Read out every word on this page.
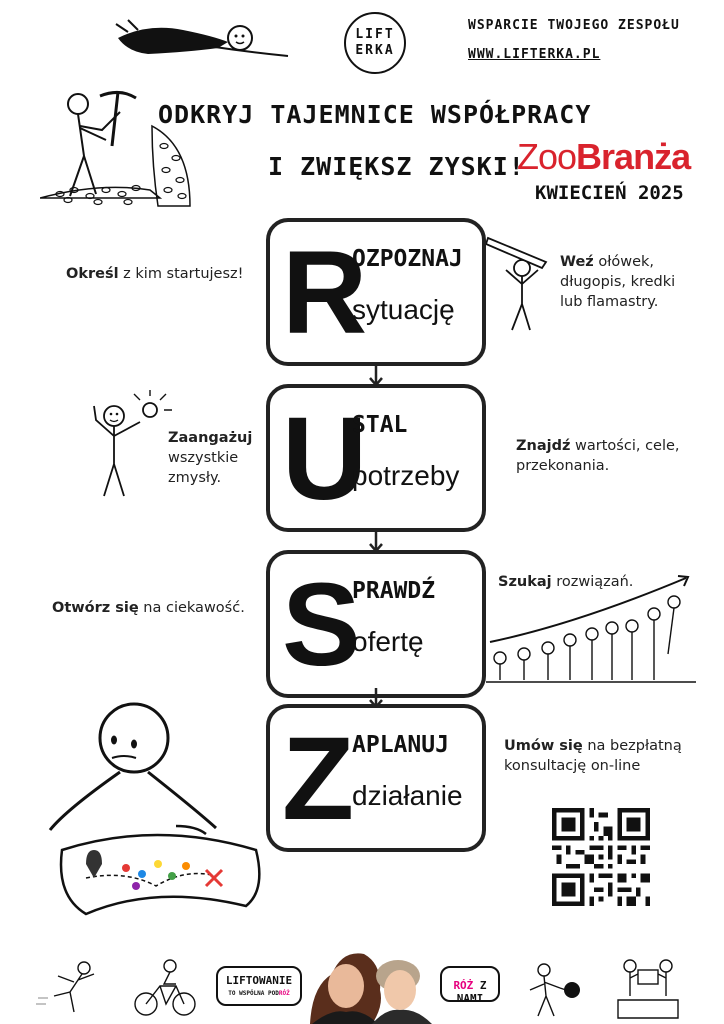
LIFT
ERKA
WSPARCIE TWOJEGO ZESPOŁU
WWW.LIFTERKA.PL
ODKRYJ TAJEMNICE WSPÓŁPRACY
I ZWIĘKSZ ZYSKI!
ZooBranża
KWIECIEŃ 2025
R
OZPOZNAJ
sytuację
U
STAL
potrzeby
S
PRAWDŹ
ofertę
Z
APLANUJ
działanie
Określ z kim startujesz!
Weź ołówek, długopis, kredki lub flamastry.
Zaangażuj wszystkie zmysły.
Znajdź wartości, cele, przekonania.
Otwórz się na ciekawość.
Szukaj rozwiązań.
Umów się na bezpłatną konsultację on-line
LIFTOWANIE
TO WSPÓLNA PODRÓŻ
RÓŻ Z NAMI
